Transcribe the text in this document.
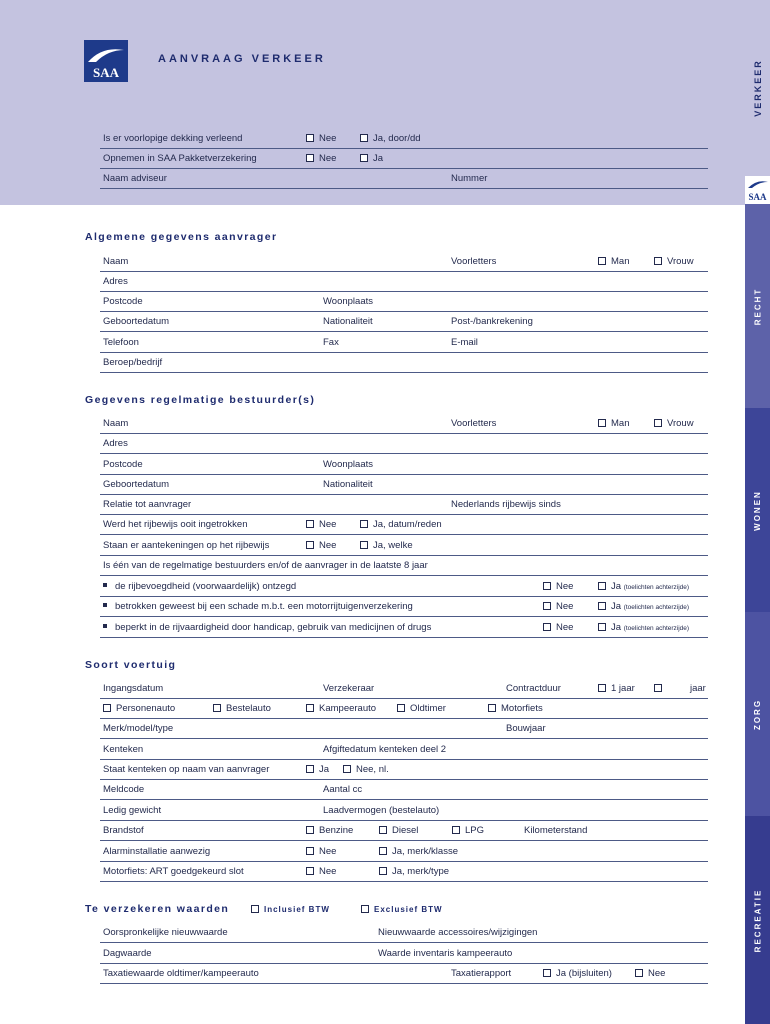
SAA
AANVRAAG VERKEER
Is er voorlopige dekking verleend	Nee	Ja, door/dd
Opnemen in SAA Pakketverzekering	Nee	Ja
Naam adviseur	Nummer
VERKEER
SAA
RECHT
WONEN
ZORG
RECREATIE
Algemene gegevens aanvrager
Naam	Voorletters	Man	Vrouw
Adres
Postcode	Woonplaats
Geboortedatum	Nationaliteit	Post-/bankrekening
Telefoon	Fax	E-mail
Beroep/bedrijf
Gegevens regelmatige bestuurder(s)
Naam	Voorletters	Man	Vrouw
Adres
Postcode	Woonplaats
Geboortedatum	Nationaliteit
Relatie tot aanvrager	Nederlands rijbewijs sinds
Werd het rijbewijs ooit ingetrokken	Nee	Ja, datum/reden
Staan er aantekeningen op het rijbewijs	Nee	Ja, welke
Is één van de regelmatige bestuurders en/of de aanvrager in de laatste 8 jaar
de rijbevoegdheid (voorwaardelijk) ontzegd	Nee	Ja (toelichten achterzijde)
betrokken geweest bij een schade m.b.t. een motorrijtuigenverzekering	Nee	Ja (toelichten achterzijde)
beperkt in de rijvaardigheid door handicap, gebruik van medicijnen of drugs	Nee	Ja (toelichten achterzijde)
Soort voertuig
Ingangsdatum	Verzekeraar	Contractduur	1 jaar	jaar
Personenauto	Bestelauto	Kampeerauto	Oldtimer	Motorfiets
Merk/model/type	Bouwjaar
Kenteken	Afgiftedatum kenteken deel 2
Staat kenteken op naam van aanvrager	Ja	Nee, nl.
Meldcode	Aantal cc
Ledig gewicht	Laadvermogen (bestelauto)
Brandstof	Benzine	Diesel	LPG	Kilometerstand
Alarminstallatie aanwezig	Nee	Ja, merk/klasse
Motorfiets: ART goedgekeurd slot	Nee	Ja, merk/type
Te verzekeren waarden	Inclusief BTW	Exclusief BTW
Oorspronkelijke nieuwwaarde	Nieuwwaarde accessoires/wijzigingen
Dagwaarde	Waarde inventaris kampeerauto
Taxatiewaarde oldtimer/kampeerauto	Taxatierapport	Ja (bijsluiten)	Nee
